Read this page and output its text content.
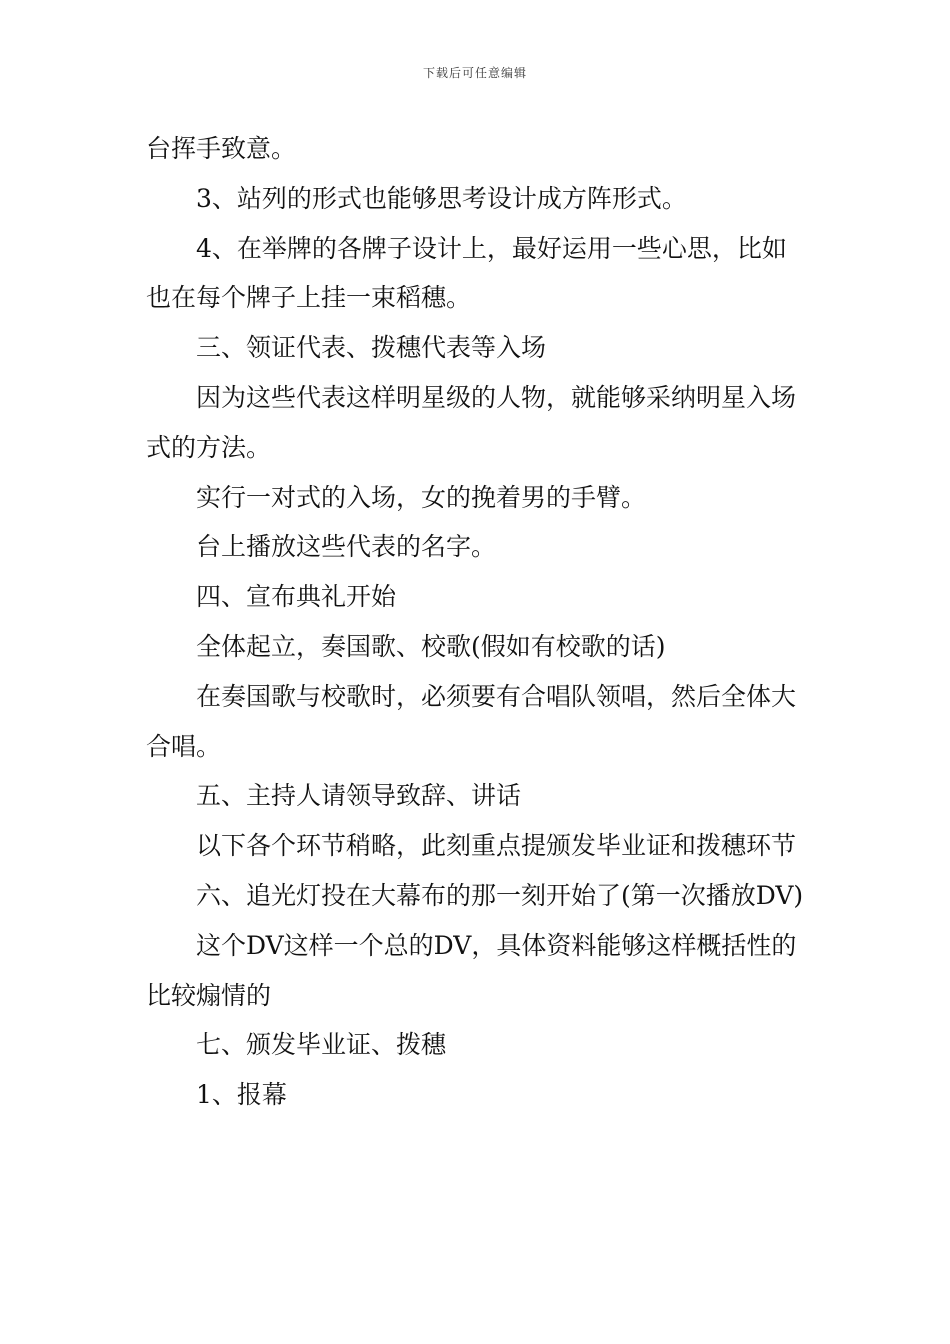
下载后可任意编辑

台挥手致意。

3、站列的形式也能够思考设计成方阵形式。

4、在举牌的各牌子设计上，最好运用一些心思，比如也在每个牌子上挂一束稻穗。

三、领证代表、拨穗代表等入场

因为这些代表这样明星级的人物，就能够采纳明星入场式的方法。

实行一对式的入场，女的挽着男的手臂。

台上播放这些代表的名字。

四、宣布典礼开始

全体起立，奏国歌、校歌(假如有校歌的话)

在奏国歌与校歌时，必须要有合唱队领唱，然后全体大合唱。

五、主持人请领导致辞、讲话

以下各个环节稍略，此刻重点提颁发毕业证和拨穗环节

六、追光灯投在大幕布的那一刻开始了(第一次播放DV)

这个DV这样一个总的DV，具体资料能够这样概括性的比较煽情的

七、颁发毕业证、拨穗

1、报幕
